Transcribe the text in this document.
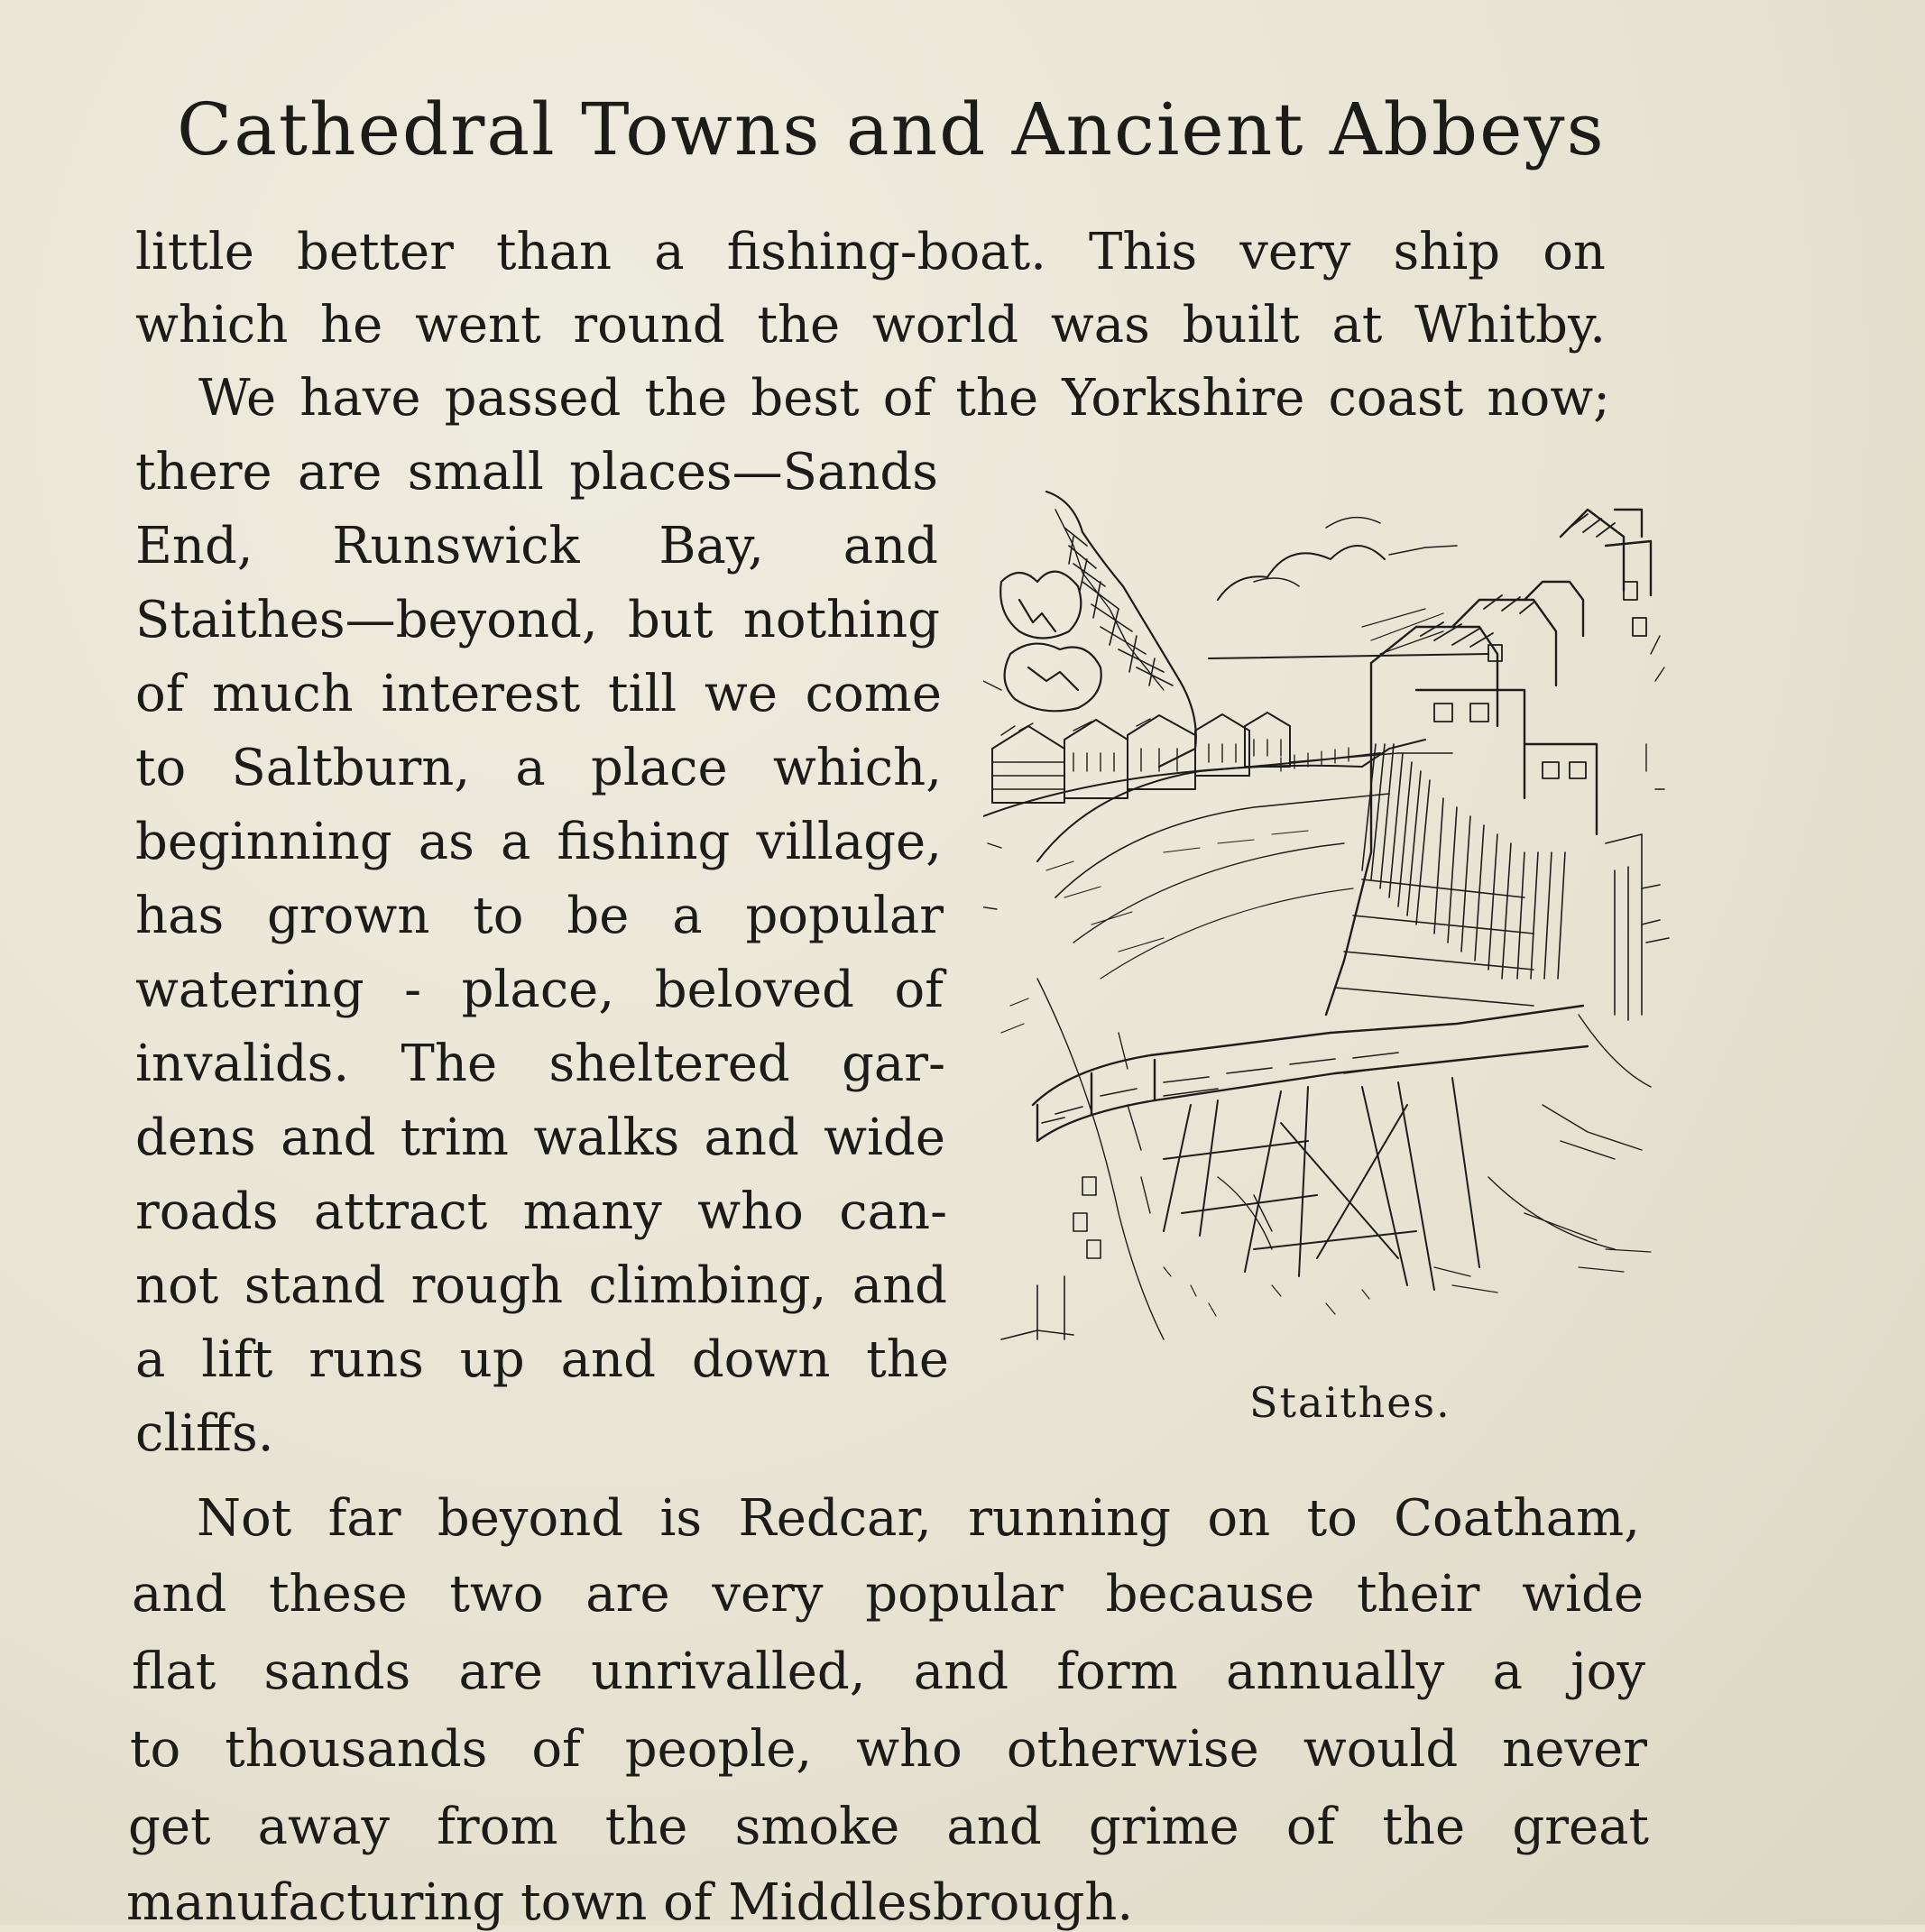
Cathedral Towns and Ancient Abbeys
little better than a fishing-boat. This very ship on
which he went round the world was built at Whitby.
We have passed the best of the Yorkshire coast now;
there are small places—Sands
End, Runswick Bay, and
Staithes—beyond, but nothing
of much interest till we come
to Saltburn, a place which,
beginning as a fishing village,
has grown to be a popular
watering - place, beloved of
invalids. The sheltered gar-
dens and trim walks and wide
roads attract many who can-
not stand rough climbing, and
a lift runs up and down the
cliffs.
Not far beyond is Redcar, running on to Coatham,
and these two are very popular because their wide
flat sands are unrivalled, and form annually a joy
to thousands of people, who otherwise would never
get away from the smoke and grime of the great
manufacturing town of Middlesbrough.
Staithes.
